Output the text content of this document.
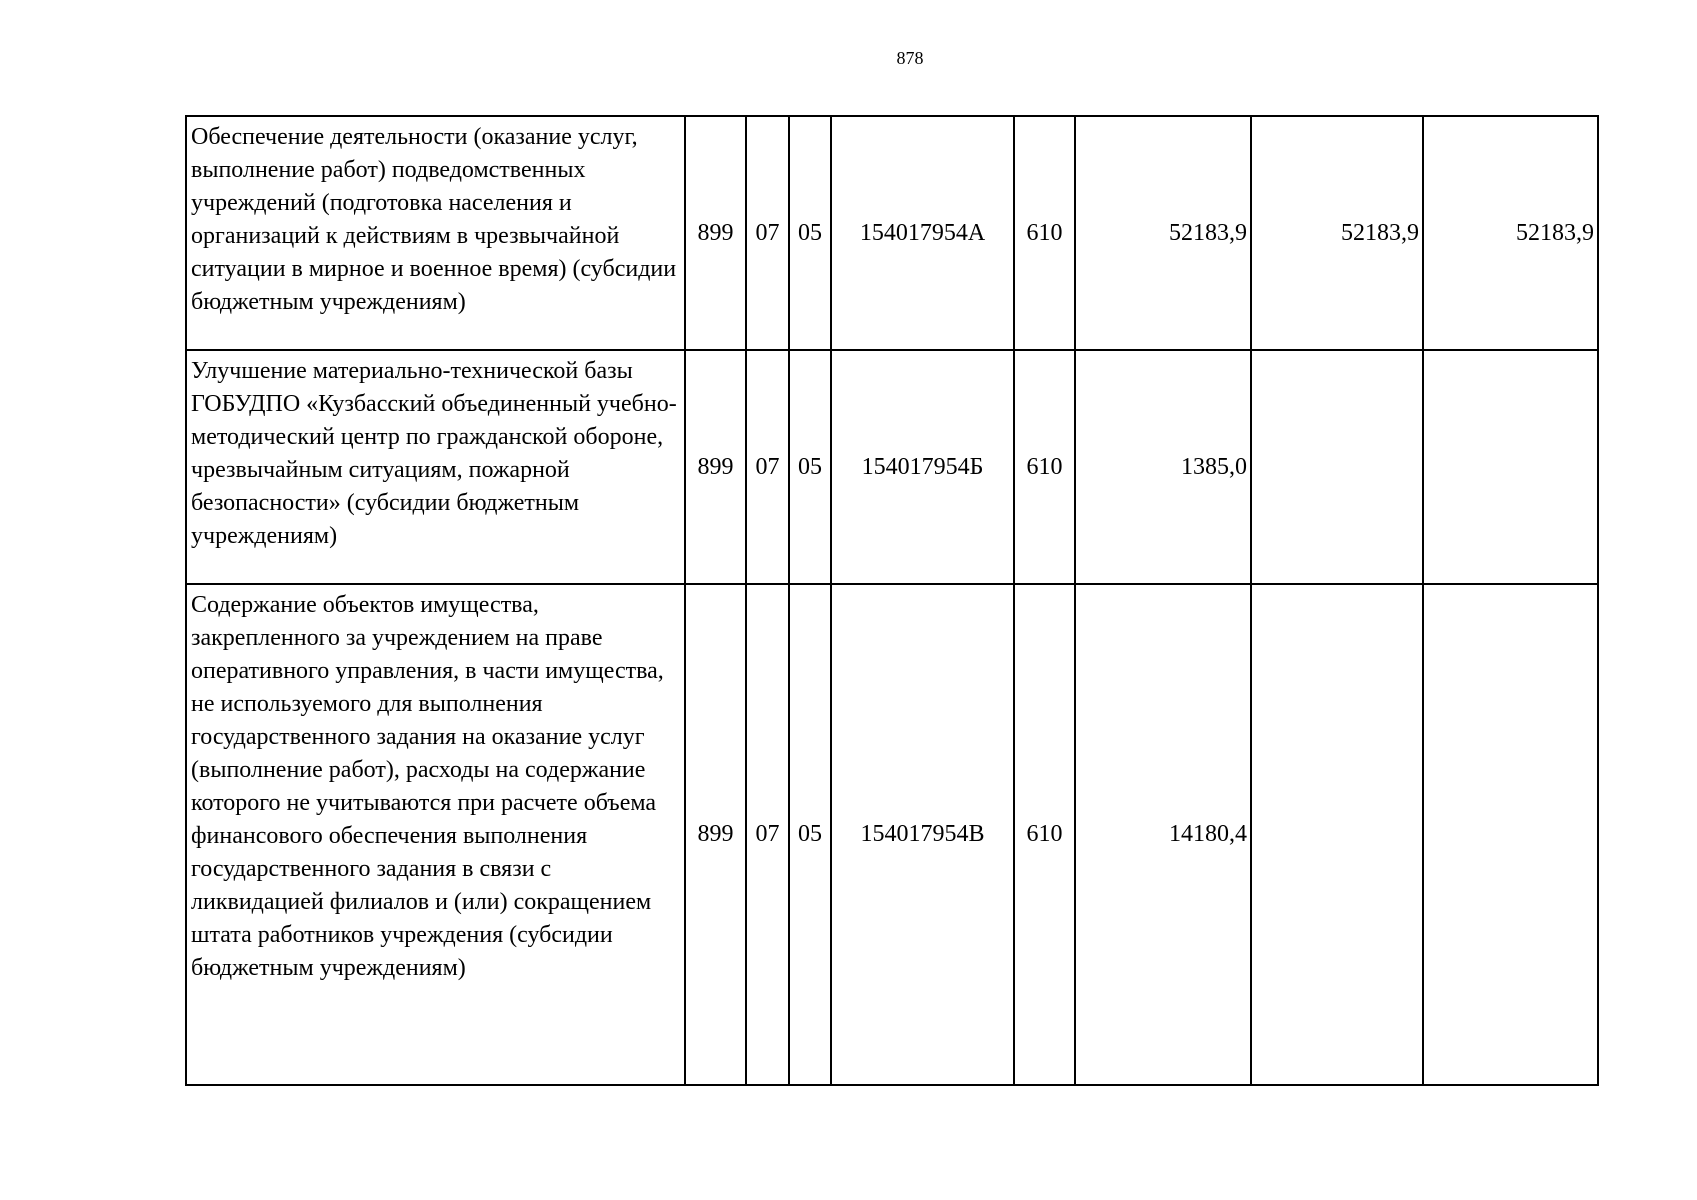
878
Обеспечение деятельности (оказание услуг, выполнение работ) подведомственных учреждений (подготовка населения и организаций к действиям в чрезвычайной ситуации в мирное и военное время) (субсидии бюджетным учреждениям)	899	07	05	154017954А	610	52183,9	52183,9	52183,9
Улучшение материально-технической базы ГОБУДПО «Кузбасский объединенный учебно-методический центр по гражданской обороне, чрезвычайным ситуациям, пожарной безопасности» (субсидии бюджетным учреждениям)	899	07	05	154017954Б	610	1385,0		
Содержание объектов имущества, закрепленного за учреждением на праве оперативного управления, в части имущества, не используемого для выполнения государственного задания на оказание услуг (выполнение работ), расходы на содержание которого не учитываются при расчете объема финансового обеспечения выполнения государственного задания в связи с ликвидацией филиалов и (или) сокращением штата работников учреждения (субсидии бюджетным учреждениям)	899	07	05	154017954В	610	14180,4		
